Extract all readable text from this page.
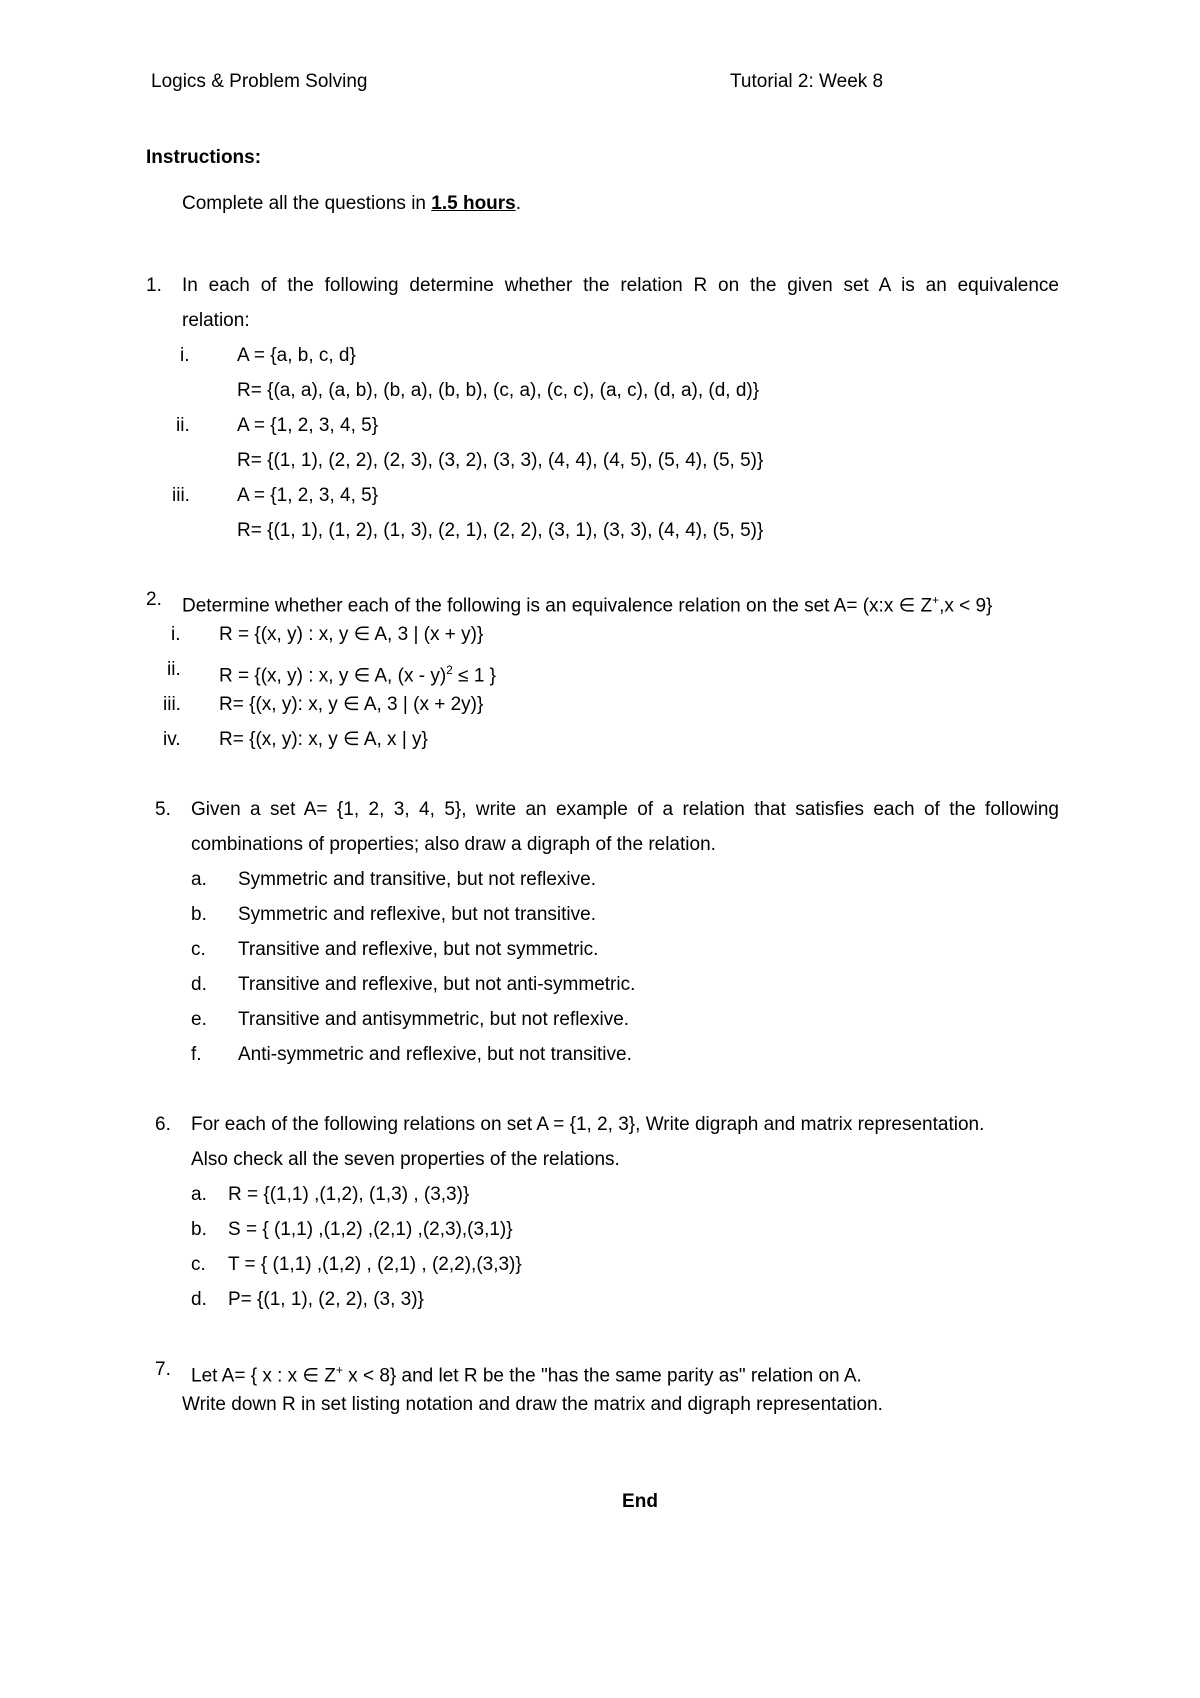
Logics & Problem Solving	Tutorial 2: Week 8
Instructions:
Complete all the questions in 1.5 hours.
1. In each of the following determine whether the relation R on the given set A is an equivalence
relation:
i.	A = {a, b, c, d}
R= {(a, a), (a, b), (b, a), (b, b), (c, a), (c, c), (a, c), (d, a), (d, d)}
ii. A = {1, 2, 3, 4, 5}
R= {(1, 1), (2, 2), (2, 3), (3, 2), (3, 3), (4, 4), (4, 5), (5, 4), (5, 5)}
iii. A = {1, 2, 3, 4, 5}
R= {(1, 1), (1, 2), (1, 3), (2, 1), (2, 2), (3, 1), (3, 3), (4, 4), (5, 5)}
2. Determine whether each of the following is an equivalence relation on the set A= (x:x ∈ Z+,x < 9}
i. R = {(x, y) : x, y ∈ A, 3 | (x + y)}
ii. R = {(x, y) : x, y ∈ A, (x - y)$^2$ ≤ 1 }
iii. R= {(x, y): x, y ∈ A, 3 | (x + 2y)}
iv. R= {(x, y): x, y ∈ A, x | y}
5. Given a set A= {1, 2, 3, 4, 5}, write an example of a relation that satisfies each of the following
combinations of properties; also draw a digraph of the relation.
a. Symmetric and transitive, but not reflexive.
b. Symmetric and reflexive, but not transitive.
c. Transitive and reflexive, but not symmetric.
d. Transitive and reflexive, but not anti-symmetric.
e. Transitive and antisymmetric, but not reflexive.
f. Anti-symmetric and reflexive, but not transitive.
6. For each of the following relations on set A = {1, 2, 3}, Write digraph and matrix representation.
Also check all the seven properties of the relations.
a. R = {(1,1) ,(1,2), (1,3) , (3,3)}
b. S = { (1,1) ,(1,2) ,(2,1) ,(2,3),(3,1)}
c. T = { (1,1) ,(1,2) , (2,1) , (2,2),(3,3)}
d. P= {(1, 1), (2, 2), (3, 3)}
7. Let A= { x : x ∈ Z+ x < 8} and let R be the "has the same parity as" relation on A.
Write down R in set listing notation and draw the matrix and digraph representation.
End
